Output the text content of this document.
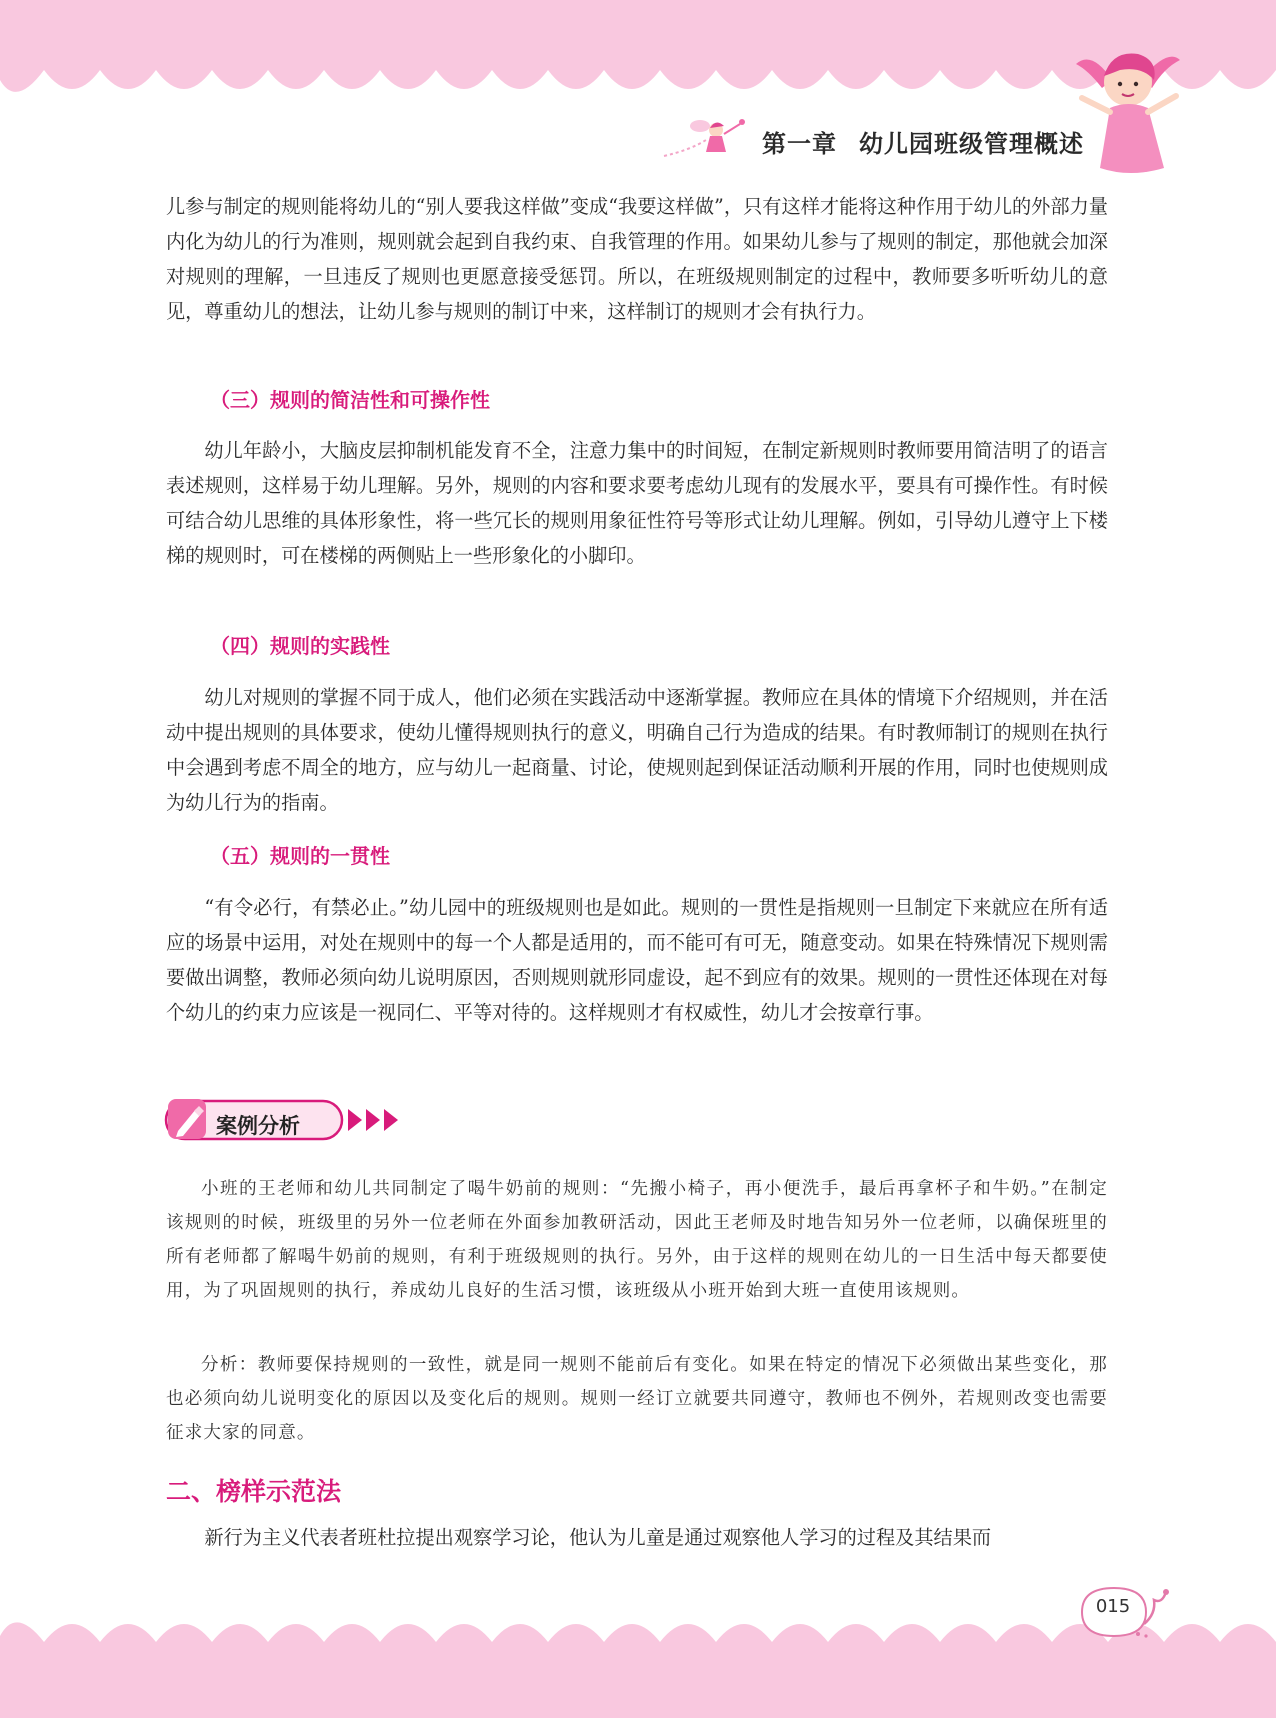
第一章 幼儿园班级管理概述

儿参与制定的规则能将幼儿的“别人要我这样做”变成“我要这样做”，只有这样才能将这种作用于幼儿的外部力量内化为幼儿的行为准则，规则就会起到自我约束、自我管理的作用。如果幼儿参与了规则的制定，那他就会加深对规则的理解，一旦违反了规则也更愿意接受惩罚。所以，在班级规则制定的过程中，教师要多听听幼儿的意见，尊重幼儿的想法，让幼儿参与规则的制订中来，这样制订的规则才会有执行力。

（三）规则的简洁性和可操作性

幼儿年龄小，大脑皮层抑制机能发育不全，注意力集中的时间短，在制定新规则时教师要用简洁明了的语言表述规则，这样易于幼儿理解。另外，规则的内容和要求要考虑幼儿现有的发展水平，要具有可操作性。有时候可结合幼儿思维的具体形象性，将一些冗长的规则用象征性符号等形式让幼儿理解。例如，引导幼儿遵守上下楼梯的规则时，可在楼梯的两侧贴上一些形象化的小脚印。

（四）规则的实践性

幼儿对规则的掌握不同于成人，他们必须在实践活动中逐渐掌握。教师应在具体的情境下介绍规则，并在活动中提出规则的具体要求，使幼儿懂得规则执行的意义，明确自己行为造成的结果。有时教师制订的规则在执行中会遇到考虑不周全的地方，应与幼儿一起商量、讨论，使规则起到保证活动顺利开展的作用，同时也使规则成为幼儿行为的指南。

（五）规则的一贯性

“有令必行，有禁必止。”幼儿园中的班级规则也是如此。规则的一贯性是指规则一旦制定下来就应在所有适应的场景中运用，对处在规则中的每一个人都是适用的，而不能可有可无，随意变动。如果在特殊情况下规则需要做出调整，教师必须向幼儿说明原因，否则规则就形同虚设，起不到应有的效果。规则的一贯性还体现在对每个幼儿的约束力应该是一视同仁、平等对待的。这样规则才有权威性，幼儿才会按章行事。

案例分析

小班的王老师和幼儿共同制定了喝牛奶前的规则：“先搬小椅子，再小便洗手，最后再拿杯子和牛奶。”在制定该规则的时候，班级里的另外一位老师在外面参加教研活动，因此王老师及时地告知另外一位老师，以确保班里的所有老师都了解喝牛奶前的规则，有利于班级规则的执行。另外，由于这样的规则在幼儿的一日生活中每天都要使用，为了巩固规则的执行，养成幼儿良好的生活习惯，该班级从小班开始到大班一直使用该规则。

分析：教师要保持规则的一致性，就是同一规则不能前后有变化。如果在特定的情况下必须做出某些变化，那也必须向幼儿说明变化的原因以及变化后的规则。规则一经订立就要共同遵守，教师也不例外，若规则改变也需要征求大家的同意。

二、榜样示范法

新行为主义代表者班杜拉提出观察学习论，他认为儿童是通过观察他人学习的过程及其结果而

015
